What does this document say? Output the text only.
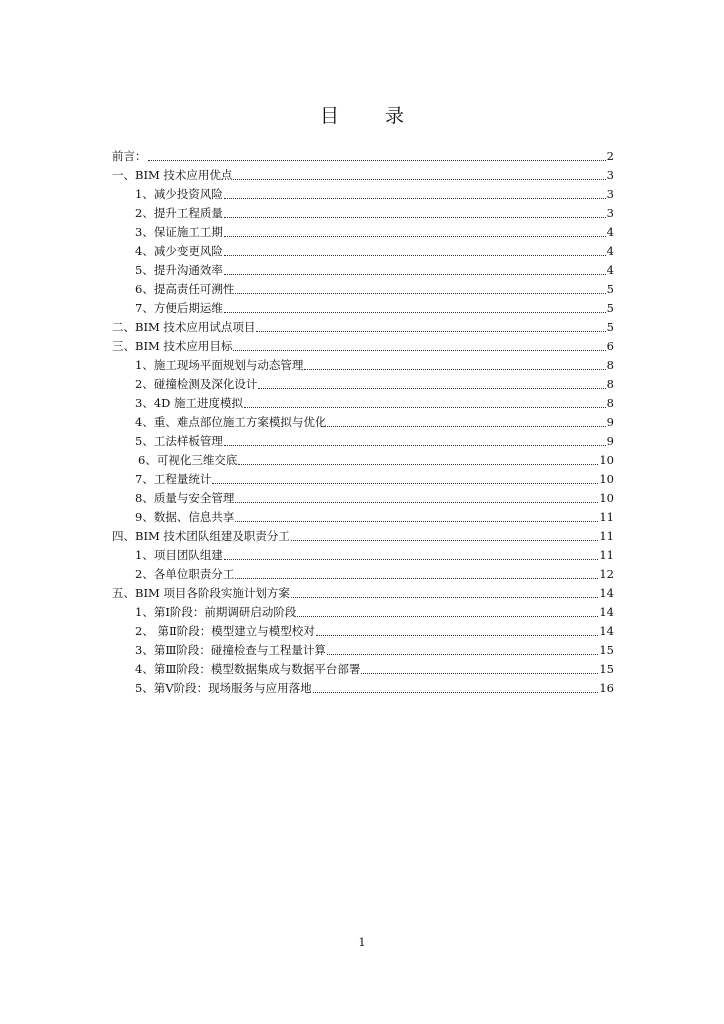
目 录
前言：	2
一、BIM 技术应用优点	3
1、减少投资风险	3
2、提升工程质量	3
3、保证施工工期	4
4、减少变更风险	4
5、提升沟通效率	4
6、提高责任可溯性	5
7、方便后期运维	5
二、BIM 技术应用试点项目	5
三、BIM 技术应用目标	6
1、施工现场平面规划与动态管理	8
2、碰撞检测及深化设计	8
3、4D 施工进度模拟	8
4、重、难点部位施工方案模拟与优化	9
5、工法样板管理	9
6、可视化三维交底	10
7、工程量统计	10
8、质量与安全管理	10
9、数据、信息共享	11
四、BIM 技术团队组建及职责分工	11
1、项目团队组建	11
2、各单位职责分工	12
五、BIM 项目各阶段实施计划方案	14
1、第Ⅰ阶段：前期调研启动阶段	14
2、 第Ⅱ阶段：模型建立与模型校对	14
3、第Ⅲ阶段：碰撞检查与工程量计算	15
4、第Ⅲ阶段：模型数据集成与数据平台部署	15
5、第Ⅴ阶段：现场服务与应用落地	16
1
